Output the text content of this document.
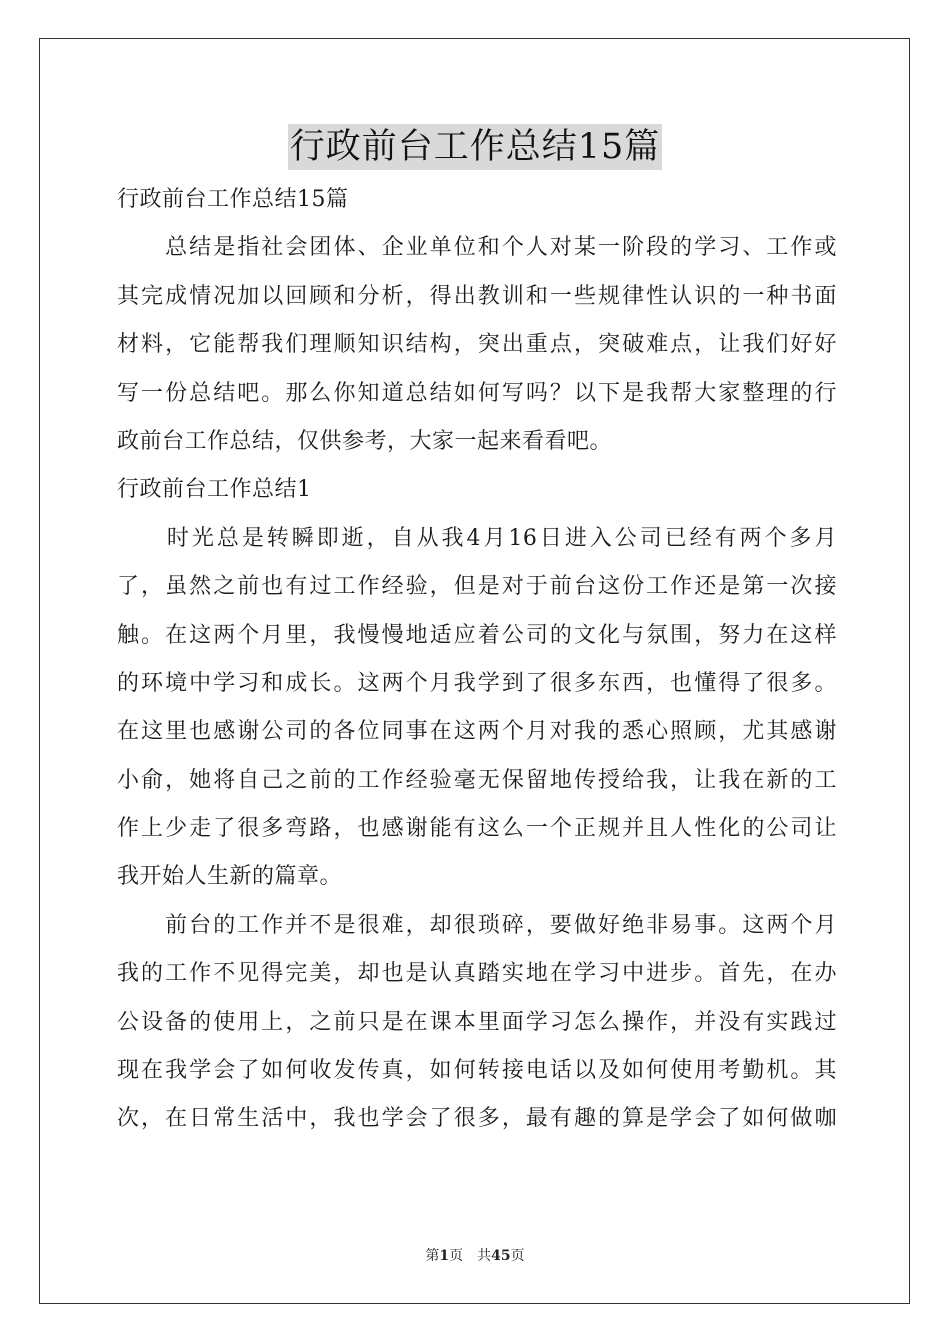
行政前台工作总结15篇
行政前台工作总结15篇
　　总结是指社会团体、企业单位和个人对某一阶段的学习、工作或
其完成情况加以回顾和分析，得出教训和一些规律性认识的一种书面
材料，它能帮我们理顺知识结构，突出重点，突破难点，让我们好好
写一份总结吧。那么你知道总结如何写吗？以下是我帮大家整理的行
政前台工作总结，仅供参考，大家一起来看看吧。
行政前台工作总结1
　　时光总是转瞬即逝，自从我4月16日进入公司已经有两个多月
了，虽然之前也有过工作经验，但是对于前台这份工作还是第一次接
触。在这两个月里，我慢慢地适应着公司的文化与氛围，努力在这样
的环境中学习和成长。这两个月我学到了很多东西，也懂得了很多。
在这里也感谢公司的各位同事在这两个月对我的悉心照顾，尤其感谢
小俞，她将自己之前的工作经验毫无保留地传授给我，让我在新的工
作上少走了很多弯路，也感谢能有这么一个正规并且人性化的公司让
我开始人生新的篇章。
　　前台的工作并不是很难，却很琐碎，要做好绝非易事。这两个月
我的工作不见得完美，却也是认真踏实地在学习中进步。首先，在办
公设备的使用上，之前只是在课本里面学习怎么操作，并没有实践过
现在我学会了如何收发传真，如何转接电话以及如何使用考勤机。其
次，在日常生活中，我也学会了很多，最有趣的算是学会了如何做咖
第1页 共45页
